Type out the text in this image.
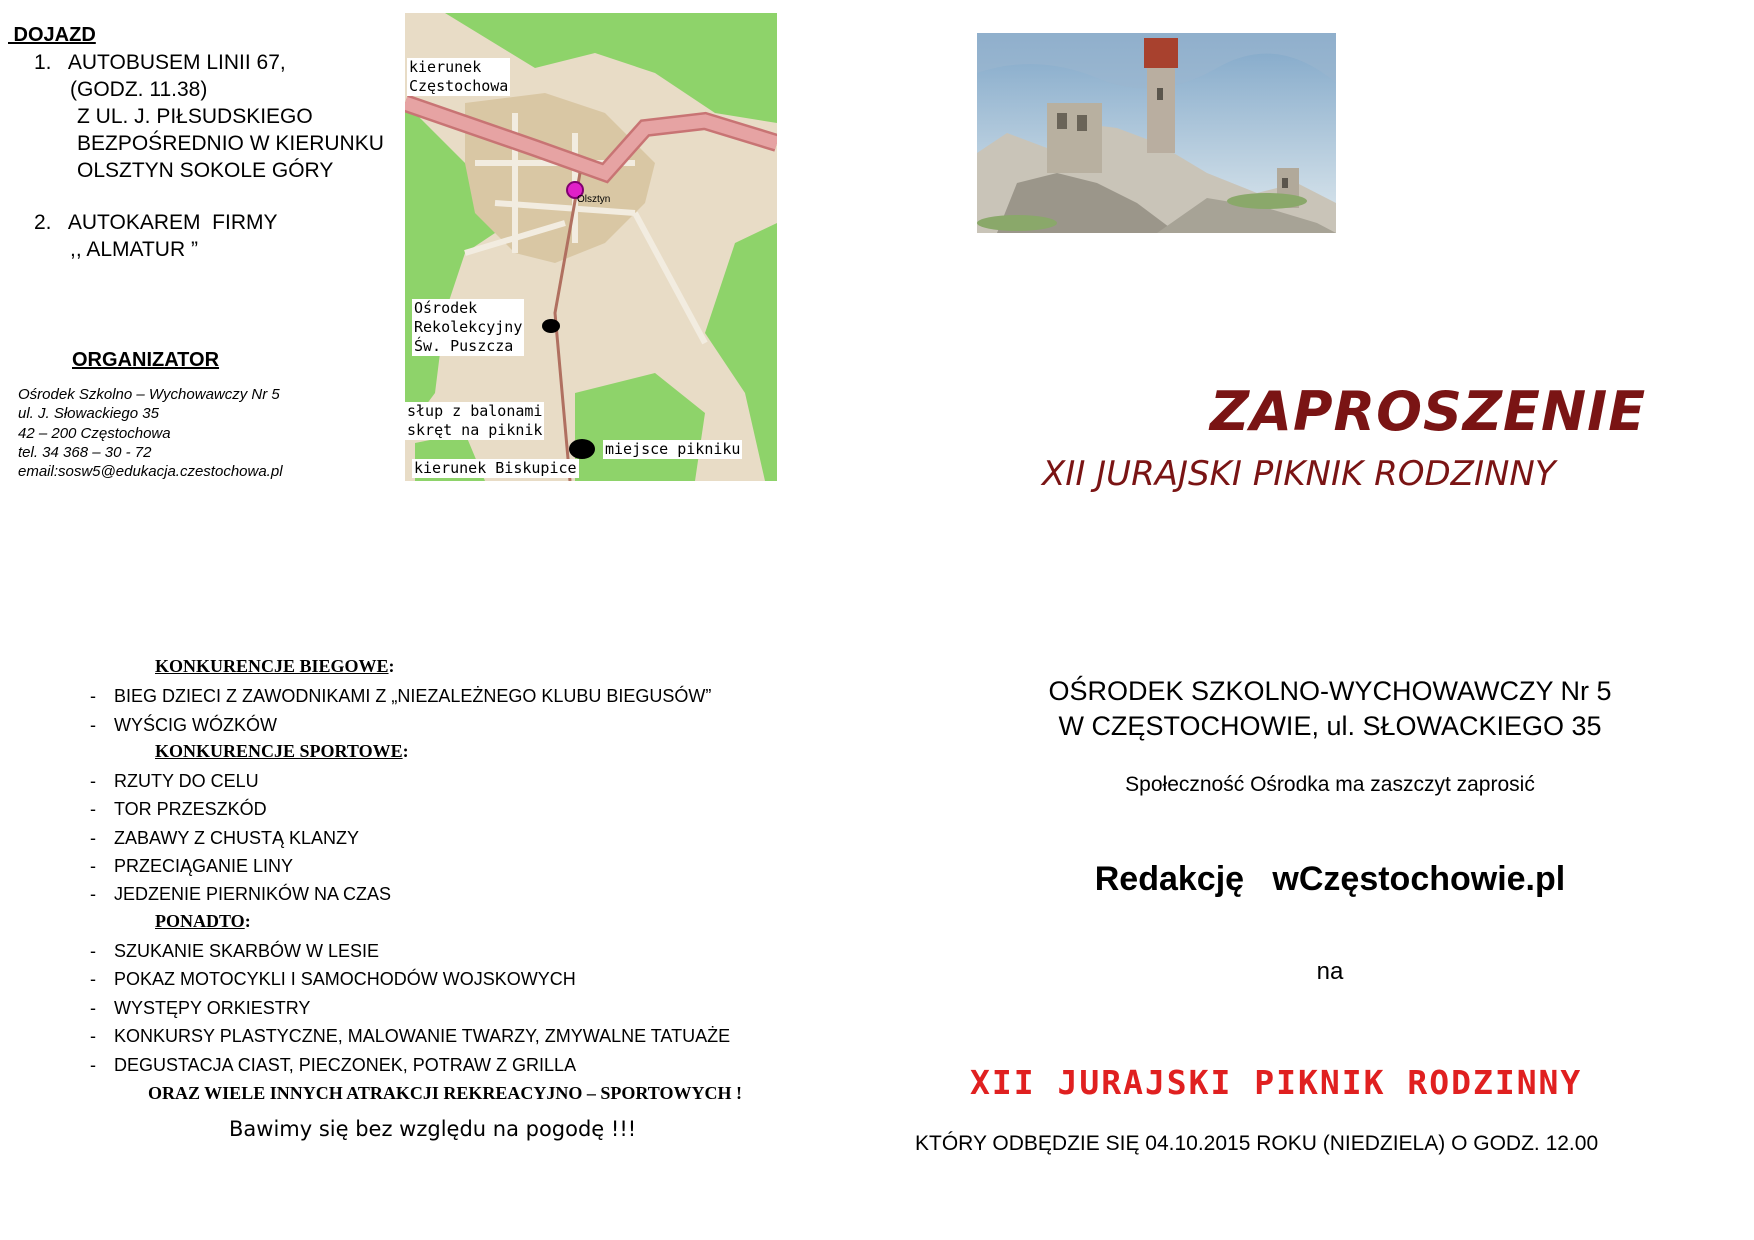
DOJAZD
1.   AUTOBUSEM LINII 67,
(GODZ. 11.38)
Z UL. J. PIŁSUDSKIEGO
BEZPOŚREDNIO W KIERUNKU
OLSZTYN SOKOLE GÓRY
2.   AUTOKAREM  FIRMY
,, ALMATUR ”
ORGANIZATOR
Ośrodek Szkolno – Wychowawczy Nr 5
ul. J. Słowackiego 35
42 – 200 Częstochowa
tel. 34 368 – 30 - 72
email:sosw5@edukacja.czestochowa.pl
kierunek
Częstochowa
Olsztyn
Ośrodek
Rekolekcyjny
Św. Puszcza
słup z balonami
skręt na piknik
kierunek Biskupice
miejsce pikniku
ZAPROSZENIE
XII JURAJSKI PIKNIK RODZINNY
KONKURENCJE BIEGOWE:
- BIEG DZIECI Z ZAWODNIKAMI Z „NIEZALEŻNEGO KLUBU BIEGUSÓW”
- WYŚCIG WÓZKÓW
KONKURENCJE SPORTOWE:
- RZUTY DO CELU
- TOR PRZESZKÓD
- ZABAWY Z CHUSTĄ KLANZY
- PRZECIĄGANIE LINY
- JEDZENIE PIERNIKÓW NA CZAS
PONADTO:
- SZUKANIE SKARBÓW W LESIE
- POKAZ MOTOCYKLI I SAMOCHODÓW WOJSKOWYCH
- WYSTĘPY ORKIESTRY
- KONKURSY PLASTYCZNE, MALOWANIE TWARZY, ZMYWALNE TATUAŻE
- DEGUSTACJA CIAST, PIECZONEK, POTRAW Z GRILLA
ORAZ WIELE INNYCH ATRAKCJI REKREACYJNO – SPORTOWYCH !
Bawimy się bez względu na pogodę !!!
OŚRODEK SZKOLNO-WYCHOWAWCZY Nr 5
W CZĘSTOCHOWIE, ul. SŁOWACKIEGO 35
Społeczność Ośrodka ma zaszczyt zaprosić
Redakcję   wCzęstochowie.pl
na
XII JURAJSKI PIKNIK RODZINNY
KTÓRY ODBĘDZIE SIĘ 04.10.2015 ROKU (NIEDZIELA) O GODZ. 12.00
